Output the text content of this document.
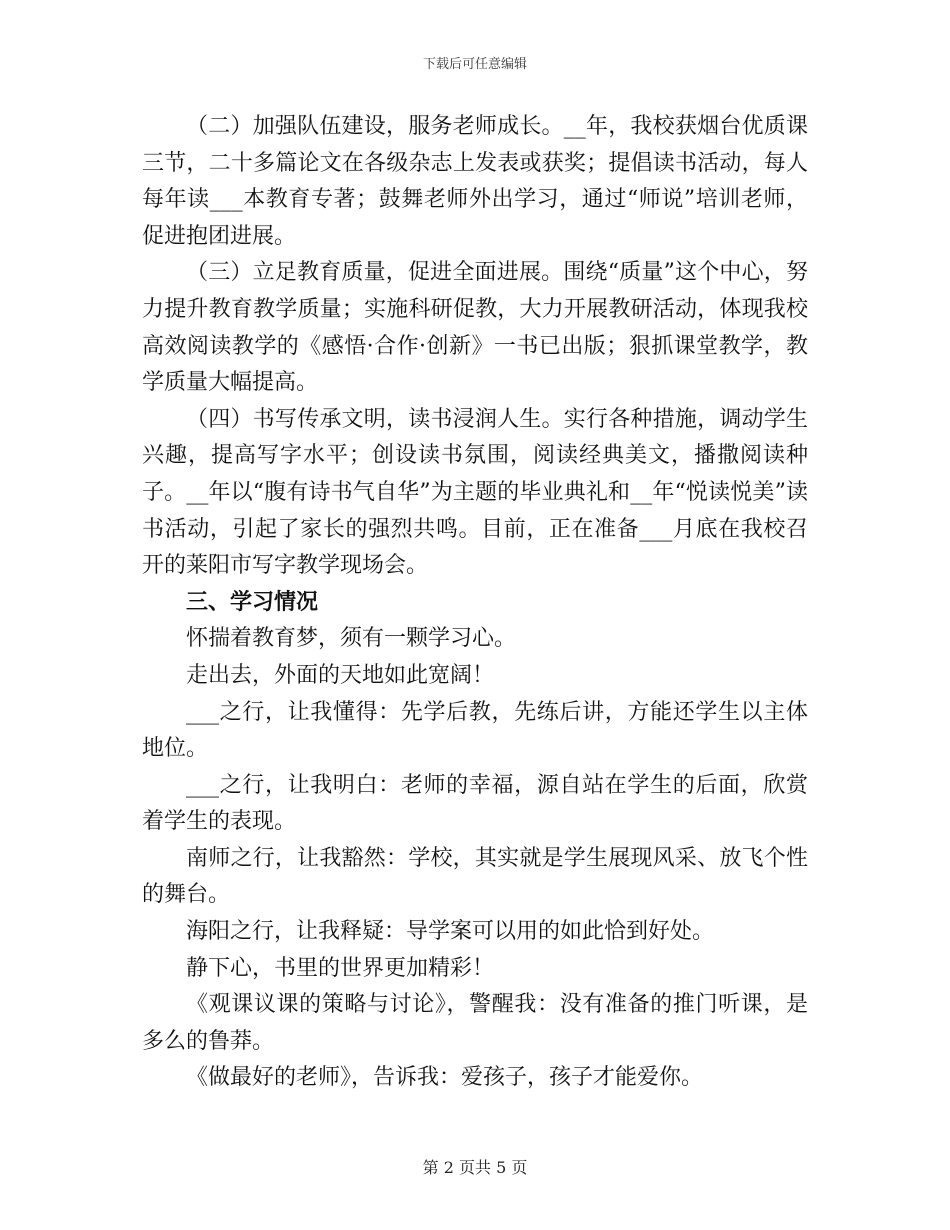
下载后可任意编辑

（二）加强队伍建设，服务老师成长。__年，我校获烟台优质课三节，二十多篇论文在各级杂志上发表或获奖；提倡读书活动，每人每年读___本教育专著；鼓舞老师外出学习，通过“师说”培训老师，促进抱团进展。

（三）立足教育质量，促进全面进展。围绕“质量”这个中心，努力提升教育教学质量；实施科研促教，大力开展教研活动，体现我校高效阅读教学的《感悟·合作·创新》一书已出版；狠抓课堂教学，教学质量大幅提高。

（四）书写传承文明，读书浸润人生。实行各种措施，调动学生兴趣，提高写字水平；创设读书氛围，阅读经典美文，播撒阅读种子。__年以“腹有诗书气自华”为主题的毕业典礼和__年“悦读悦美”读书活动，引起了家长的强烈共鸣。目前，正在准备___月底在我校召开的莱阳市写字教学现场会。

三、学习情况

怀揣着教育梦，须有一颗学习心。

走出去，外面的天地如此宽阔！

___之行，让我懂得：先学后教，先练后讲，方能还学生以主体地位。

___之行，让我明白：老师的幸福，源自站在学生的后面，欣赏着学生的表现。

南师之行，让我豁然：学校，其实就是学生展现风采、放飞个性的舞台。

海阳之行，让我释疑：导学案可以用的如此恰到好处。

静下心，书里的世界更加精彩！

《观课议课的策略与讨论》，警醒我：没有准备的推门听课，是多么的鲁莽。

《做最好的老师》，告诉我：爱孩子，孩子才能爱你。

第 2 页共 5 页
